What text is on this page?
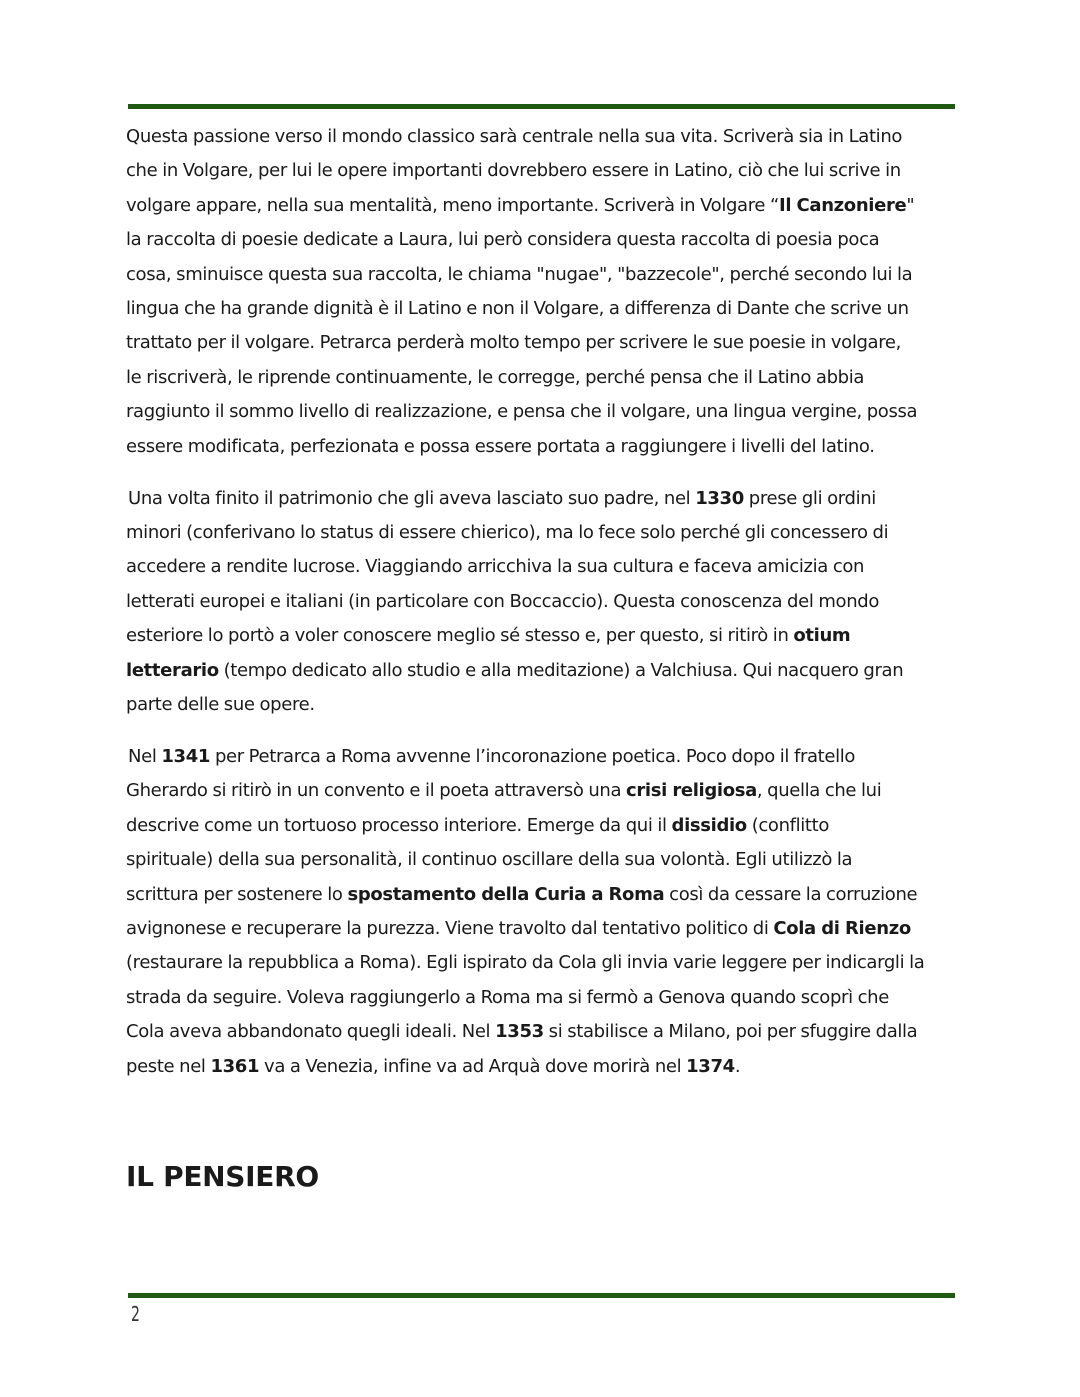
Questa passione verso il mondo classico sarà centrale nella sua vita. Scriverà sia in Latino
che in Volgare, per lui le opere importanti dovrebbero essere in Latino, ciò che lui scrive in
volgare appare, nella sua mentalità, meno importante. Scriverà in Volgare “Il Canzoniere"
la raccolta di poesie dedicate a Laura, lui però considera questa raccolta di poesia poca
cosa, sminuisce questa sua raccolta, le chiama "nugae", "bazzecole", perché secondo lui la
lingua che ha grande dignità è il Latino e non il Volgare, a differenza di Dante che scrive un
trattato per il volgare. Petrarca perderà molto tempo per scrivere le sue poesie in volgare,
le riscriverà, le riprende continuamente, le corregge, perché pensa che il Latino abbia
raggiunto il sommo livello di realizzazione, e pensa che il volgare, una lingua vergine, possa
essere modificata, perfezionata e possa essere portata a raggiungere i livelli del latino.

Una volta finito il patrimonio che gli aveva lasciato suo padre, nel 1330 prese gli ordini
minori (conferivano lo status di essere chierico), ma lo fece solo perché gli concessero di
accedere a rendite lucrose. Viaggiando arricchiva la sua cultura e faceva amicizia con
letterati europei e italiani (in particolare con Boccaccio). Questa conoscenza del mondo
esteriore lo portò a voler conoscere meglio sé stesso e, per questo, si ritirò in otium
letterario (tempo dedicato allo studio e alla meditazione) a Valchiusa. Qui nacquero gran
parte delle sue opere.

Nel 1341 per Petrarca a Roma avvenne l’incoronazione poetica. Poco dopo il fratello
Gherardo si ritirò in un convento e il poeta attraversò una crisi religiosa, quella che lui
descrive come un tortuoso processo interiore. Emerge da qui il dissidio (conflitto
spirituale) della sua personalità, il continuo oscillare della sua volontà. Egli utilizzò la
scrittura per sostenere lo spostamento della Curia a Roma così da cessare la corruzione
avignonese e recuperare la purezza. Viene travolto dal tentativo politico di Cola di Rienzo
(restaurare la repubblica a Roma). Egli ispirato da Cola gli invia varie leggere per indicargli la
strada da seguire. Voleva raggiungerlo a Roma ma si fermò a Genova quando scoprì che
Cola aveva abbandonato quegli ideali. Nel 1353 si stabilisce a Milano, poi per sfuggire dalla
peste nel 1361 va a Venezia, infine va ad Arquà dove morirà nel 1374.

IL PENSIERO
2
